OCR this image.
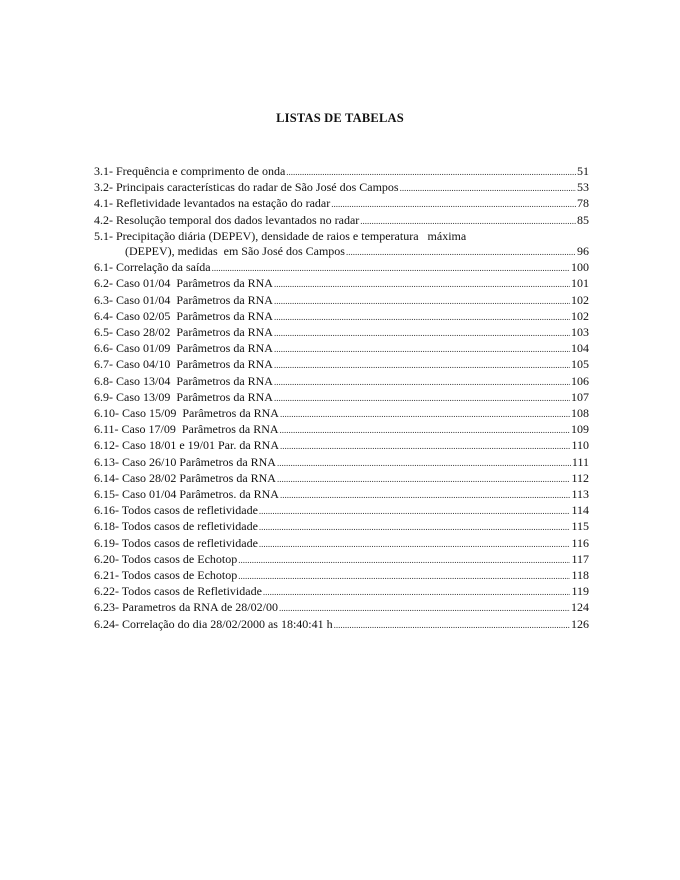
LISTAS DE TABELAS
3.1- Frequência e comprimento de onda .....	51
3.2- Principais características do radar de São José dos Campos .....	53
4.1- Refletividade levantados na estação do radar .....	78
4.2- Resolução temporal dos dados levantados no radar .....	85
5.1- Precipitação diária (DEPEV), densidade de raios e temperatura   máxima
(DEPEV), medidas  em São José dos Campos .....	96
6.1- Correlação da saída .....	100
6.2- Caso 01/04  Parâmetros da RNA .....	101
6.3- Caso 01/04  Parâmetros da RNA .....	102
6.4- Caso 02/05  Parâmetros da RNA .....	102
6.5- Caso 28/02  Parâmetros da RNA .....	103
6.6- Caso 01/09  Parâmetros da RNA .....	104
6.7- Caso 04/10  Parâmetros da RNA .....	105
6.8- Caso 13/04  Parâmetros da RNA .....	106
6.9- Caso 13/09  Parâmetros da RNA .....	107
6.10- Caso 15/09  Parâmetros da RNA .....	108
6.11- Caso 17/09  Parâmetros da RNA .....	109
6.12- Caso 18/01 e 19/01 Par. da RNA .....	110
6.13- Caso 26/10 Parâmetros da RNA .....	111
6.14- Caso 28/02 Parâmetros da RNA .....	112
6.15- Caso 01/04 Parâmetros. da RNA .....	113
6.16- Todos casos de refletividade .....	114
6.18- Todos casos de refletividade .....	115
6.19- Todos casos de refletividade .....	116
6.20- Todos casos de Echotop .....	117
6.21- Todos casos de Echotop .....	118
6.22- Todos casos de Refletividade .....	119
6.23- Parametros da RNA de 28/02/00 .....	124
6.24- Correlação do dia 28/02/2000 as 18:40:41 h .....	126
